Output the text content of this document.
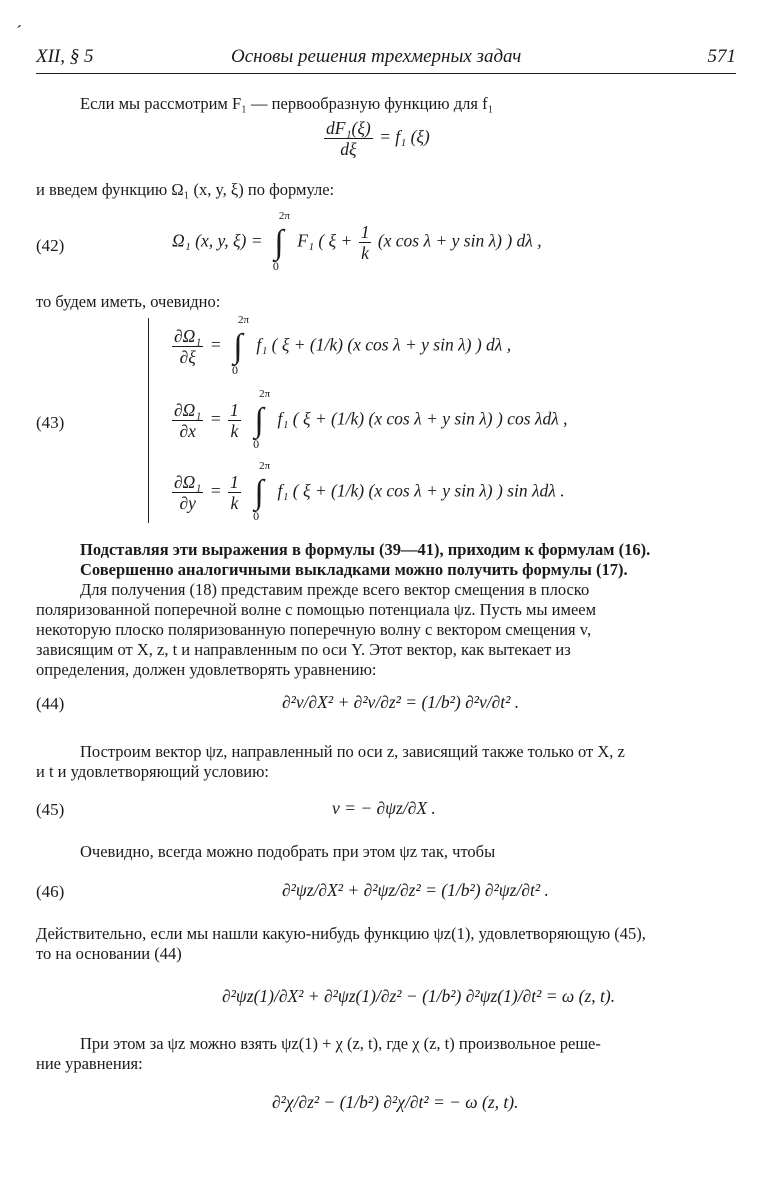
ˊ
XII, § 5	Основы решения трехмерных задач	571
Если мы рассмотрим F₁ — первообразную функцию для f₁
$\frac{\text{dF₁(ξ)}}{d\xi} = f_1$ (ξ)
и введем функцию Ω₁ (x, y, ξ) по формуле:
(42)	Ω₁ (x, y, ξ) = ∫
2π
0
F₁ ( $\xi + \frac{1}{k} (x$ cos λ + y sin λ) ) dλ ,
то будем иметь, очевидно:
(43)
$\frac{\text{∂Ω₁}}{\partial\xi}$ = ∫
2π
0
f₁ ( ξ + (1/k) (x cos λ + y sin λ) ) dλ ,
$\frac{\text{∂Ω₁}}{\partial x} = \frac{1}{k}$ ∫
2π
0
f₁ ( ξ + (1/k) (x cos λ + y sin λ) ) cos λdλ ,
$\frac{\text{∂Ω₁}}{\partial y} = \frac{1}{k}$ ∫
2π
0
f₁ ( ξ + (1/k) (x cos λ + y sin λ) ) sin λdλ .
Подставляя эти выражения в формулы (39—41), приходим к формулам (16).
Совершенно аналогичными выкладками можно получить формулы (17).
Для получения (18) представим прежде всего вектор смещения в плоско
поляризованной поперечной волне с помощью потенциала ψz. Пусть мы имеем
некоторую плоско поляризованную поперечную волну с вектором смещения v,
зависящим от X, z, t и направленным по оси Y. Этот вектор, как вытекает из
определения, должен удовлетворять уравнению:
(44)	∂²v/∂X² + ∂²v/∂z² = (1/b²) ∂²v/∂t² .
Построим вектор ψz, направленный по оси z, зависящий также только от X, z
и t и удовлетворяющий условию:
(45)	v = − ∂ψz/∂X .
Очевидно, всегда можно подобрать при этом ψz так, чтобы
(46)	∂²ψz/∂X² + ∂²ψz/∂z² = (1/b²) ∂²ψz/∂t² .
Действительно, если мы нашли какую-нибудь функцию ψz(1), удовлетворяющую (45),
то на основании (44)
∂²ψz(1)/∂X² + ∂²ψz(1)/∂z² − (1/b²) ∂²ψz(1)/∂t² = ω (z, t).
При этом за ψz можно взять ψz(1) + χ (z, t), где χ (z, t) произвольное реше-
ние уравнения:
∂²χ/∂z² − (1/b²) ∂²χ/∂t² = − ω (z, t).
